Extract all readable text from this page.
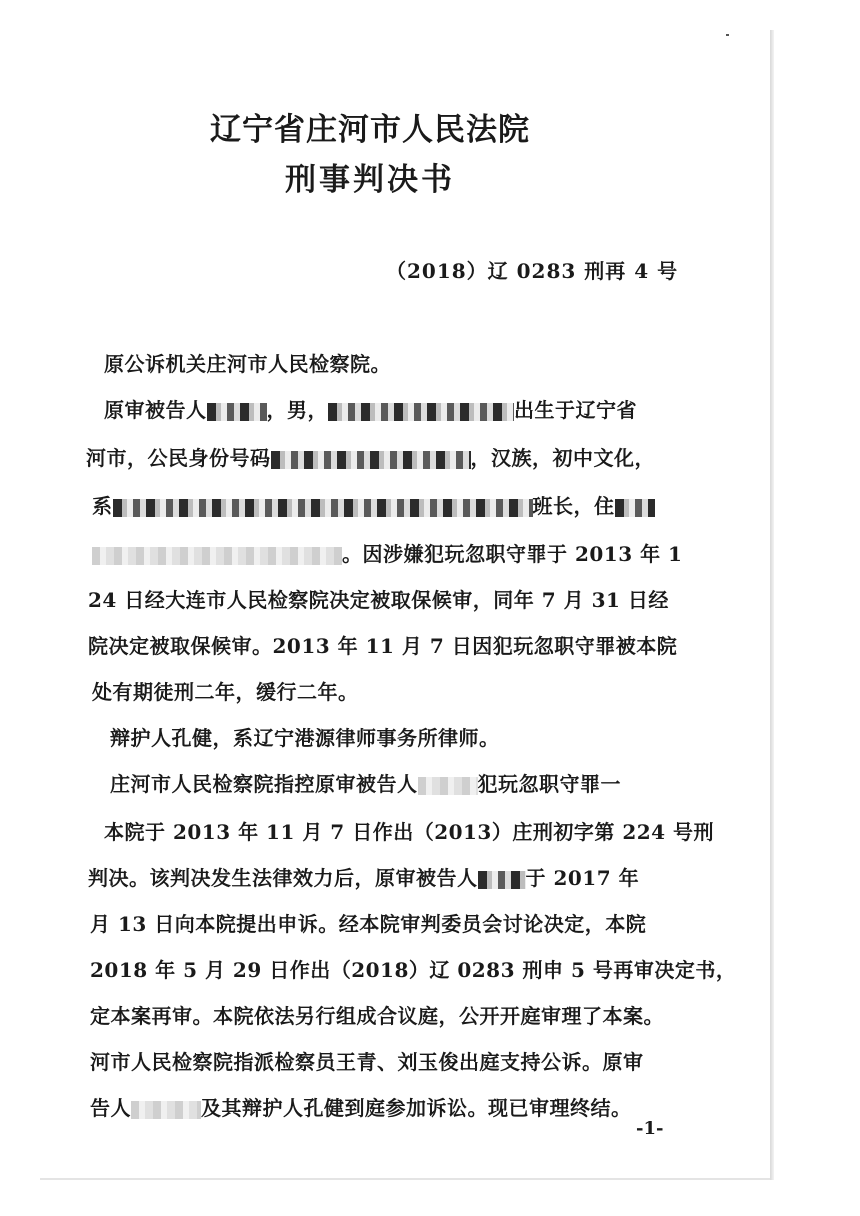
辽宁省庄河市人民法院
刑事判决书
（2018）辽 0283 刑再 4 号
原公诉机关庄河市人民检察院。
原审被告人	，男，	出生于辽宁省
河市，公民身份号码	，汉族，初中文化，
系	班长，住
。因涉嫌犯玩忽职守罪于 2013 年 1
24 日经大连市人民检察院决定被取保候审，同年 7 月 31 日经
院决定被取保候审。2013 年 11 月 7 日因犯玩忽职守罪被本院
处有期徒刑二年，缓行二年。
辩护人孔健，系辽宁港源律师事务所律师。
庄河市人民检察院指控原审被告人	犯玩忽职守罪一
本院于 2013 年 11 月 7 日作出（2013）庄刑初字第 224 号刑
判决。该判决发生法律效力后，原审被告人 于 2017 年
月 13 日向本院提出申诉。经本院审判委员会讨论决定，本院
2018 年 5 月 29 日作出（2018）辽 0283 刑申 5 号再审决定书，
定本案再审。本院依法另行组成合议庭，公开开庭审理了本案。
河市人民检察院指派检察员王青、刘玉俊出庭支持公诉。原审
告人	及其辩护人孔健到庭参加诉讼。现已审理终结。
-1-
